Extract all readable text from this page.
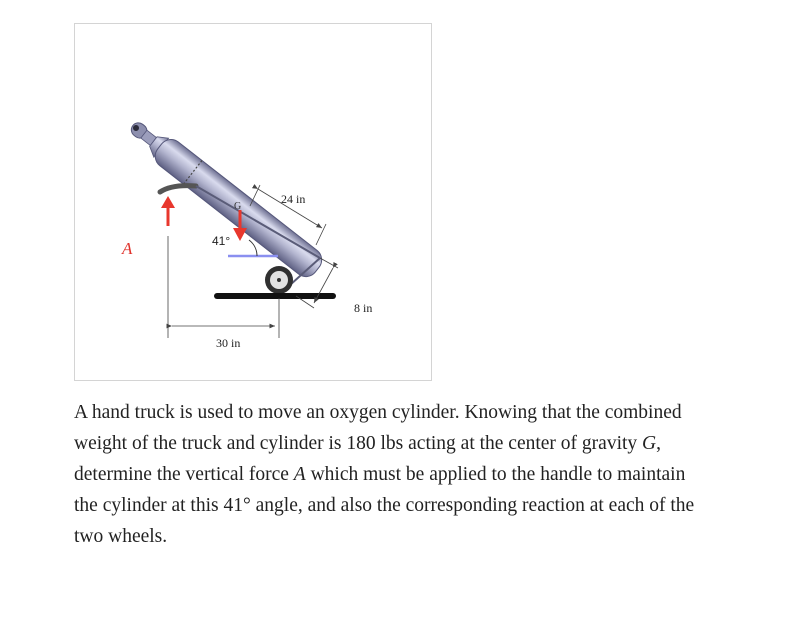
A
G
41°
24 in
8 in
30 in

A hand truck is used to move an oxygen cylinder. Knowing that the combined weight of the truck and cylinder is 180 lbs acting at the center of gravity G, determine the vertical force A which must be applied to the handle to maintain the cylinder at this 41° angle, and also the corresponding reaction at each of the two wheels.
